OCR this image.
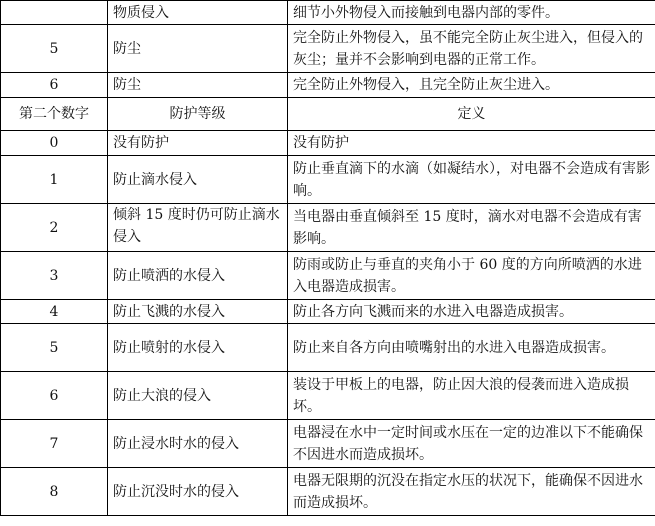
	物质侵入	细节小外物侵入而接触到电器内部的零件。
5	防尘	完全防止外物侵入，虽不能完全防止灰尘进入，但侵入的灰尘；量并不会影响到电器的正常工作。
6	防尘	完全防止外物侵入，且完全防止灰尘进入。
第二个数字	防护等级	定义
0	没有防护	没有防护
1	防止滴水侵入	防止垂直滴下的水滴（如凝结水），对电器不会造成有害影响。
2	倾斜 15 度时仍可防止滴水侵入	当电器由垂直倾斜至 15 度时，滴水对电器不会造成有害影响。
3	防止喷洒的水侵入	防雨或防止与垂直的夹角小于 60 度的方向所喷洒的水进入电器造成损害。
4	防止飞溅的水侵入	防止各方向飞溅而来的水进入电器造成损害。
5	防止喷射的水侵入	防止来自各方向由喷嘴射出的水进入电器造成损害。
6	防止大浪的侵入	装设于甲板上的电器，防止因大浪的侵袭而进入造成损坏。
7	防止浸水时水的侵入	电器浸在水中一定时间或水压在一定的边准以下不能确保不因进水而造成损坏。
8	防止沉没时水的侵入	电器无限期的沉没在指定水压的状况下，能确保不因进水而造成损坏。
